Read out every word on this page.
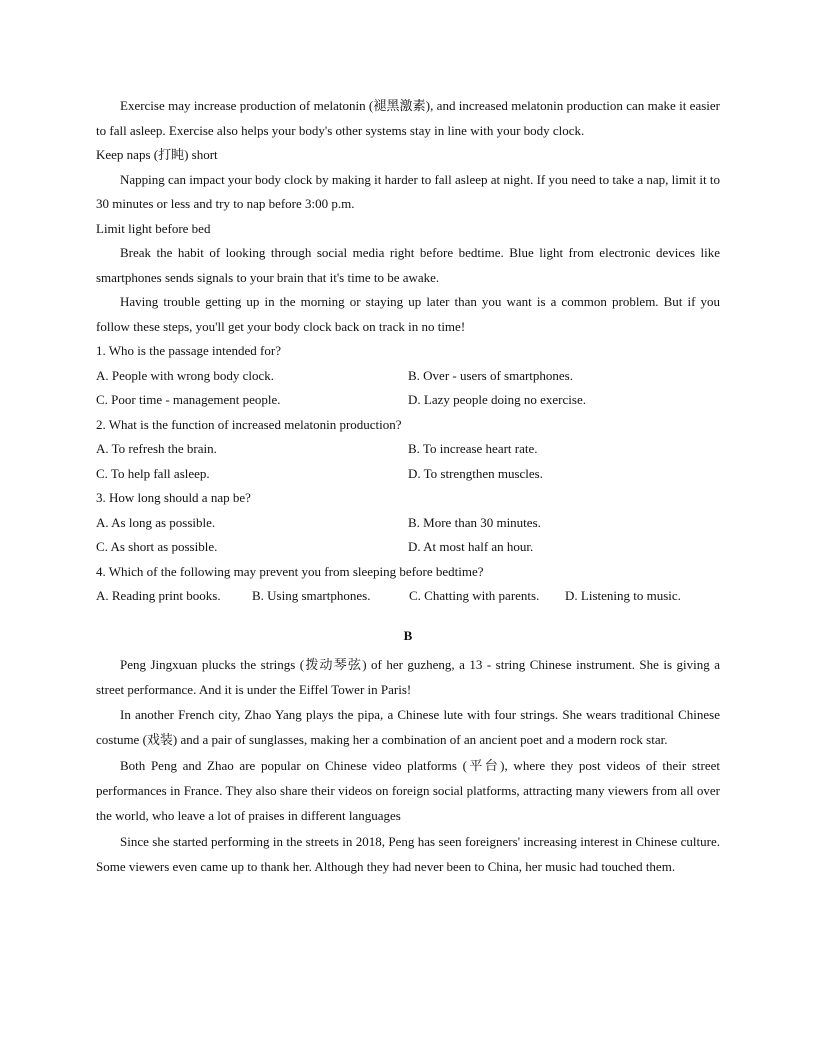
Exercise may increase production of melatonin (褪黑激素), and increased melatonin production can make it easier to fall asleep. Exercise also helps your body's other systems stay in line with your body clock.

Keep naps (打盹) short

Napping can impact your body clock by making it harder to fall asleep at night. If you need to take a nap, limit it to 30 minutes or less and try to nap before 3:00 p.m.

Limit light before bed

Break the habit of looking through social media right before bedtime. Blue light from electronic devices like smartphones sends signals to your brain that it's time to be awake.

Having trouble getting up in the morning or staying up later than you want is a common problem. But if you follow these steps, you'll get your body clock back on track in no time!

1. Who is the passage intended for?

A. People with wrong body clock.	B. Over - users of smartphones.
C. Poor time - management people.	D. Lazy people doing no exercise.

2. What is the function of increased melatonin production?

A. To refresh the brain.	B. To increase heart rate.
C. To help fall asleep.	D. To strengthen muscles.

3. How long should a nap be?

A. As long as possible.	B. More than 30 minutes.
C. As short as possible.	D. At most half an hour.

4. Which of the following may prevent you from sleeping before bedtime?

A. Reading print books.	B. Using smartphones.	C. Chatting with parents.	D. Listening to music.
B

Peng Jingxuan plucks the strings (拨动琴弦) of her guzheng, a 13 - string Chinese instrument. She is giving a street performance. And it is under the Eiffel Tower in Paris!

In another French city, Zhao Yang plays the pipa, a Chinese lute with four strings. She wears traditional Chinese costume (戏装) and a pair of sunglasses, making her a combination of an ancient poet and a modern rock star.

Both Peng and Zhao are popular on Chinese video platforms (平台), where they post videos of their street performances in France. They also share their videos on foreign social platforms, attracting many viewers from all over the world, who leave a lot of praises in different languages

Since she started performing in the streets in 2018, Peng has seen foreigners' increasing interest in Chinese culture. Some viewers even came up to thank her. Although they had never been to China, her music had touched them.
